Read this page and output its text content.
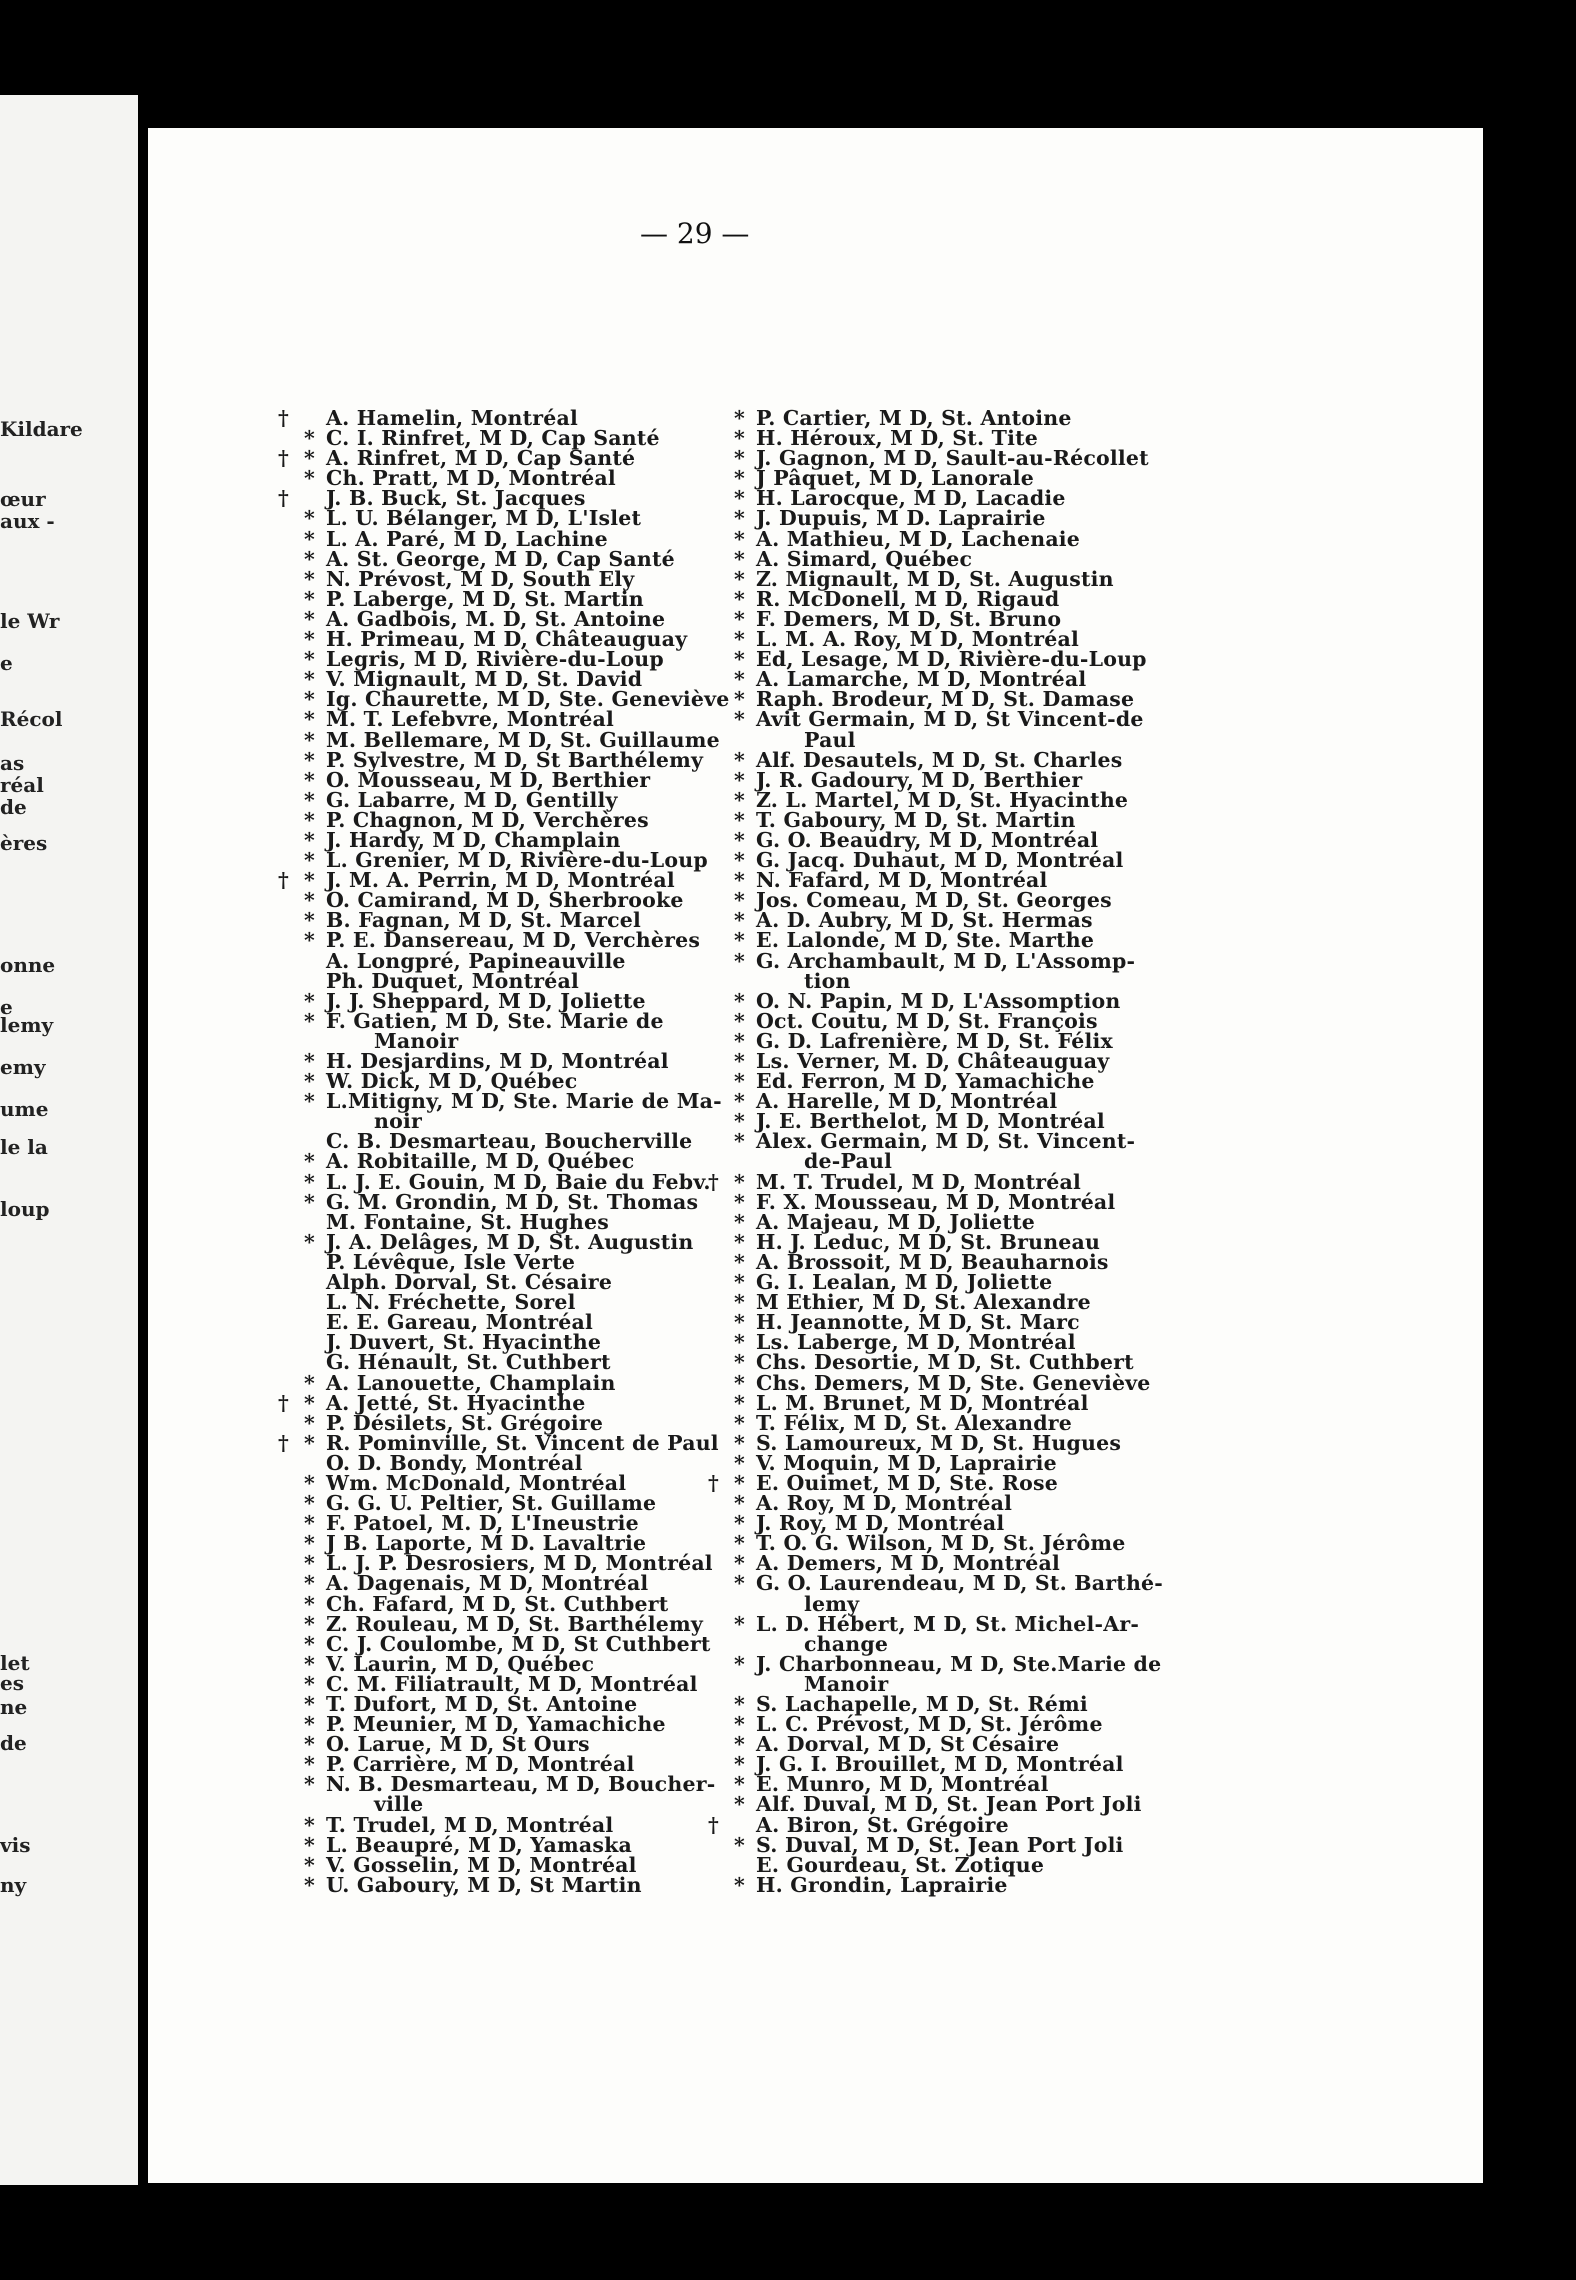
Kildare
œur
aux -
le Wr
e
Récol
as
réal
de
ères
onne
e
lemy
emy
ume
le la
loup
let
es
ne
de
vis
ny
— 29 —
† A. Hamelin, Montréal
* C. I. Rinfret, M D, Cap Santé
† * A. Rinfret, M D, Cap Santé
* Ch. Pratt, M D, Montréal
† J. B. Buck, St. Jacques
* L. U. Bélanger, M D, L'Islet
* L. A. Paré, M D, Lachine
* A. St. George, M D, Cap Santé
* N. Prévost, M D, South Ely
* P. Laberge, M D, St. Martin
* A. Gadbois, M. D, St. Antoine
* H. Primeau, M D, Châteauguay
* Legris, M D, Rivière-du-Loup
* V. Mignault, M D, St. David
* Ig. Chaurette, M D, Ste. Geneviève
* M. T. Lefebvre, Montréal
* M. Bellemare, M D, St. Guillaume
* P. Sylvestre, M D, St Barthélemy
* O. Mousseau, M D, Berthier
* G. Labarre, M D, Gentilly
* P. Chagnon, M D, Verchères
* J. Hardy, M D, Champlain
* L. Grenier, M D, Rivière-du-Loup
† * J. M. A. Perrin, M D, Montréal
* O. Camirand, M D, Sherbrooke
* B. Fagnan, M D, St. Marcel
* P. E. Dansereau, M D, Verchères
A. Longpré, Papineauville
Ph. Duquet, Montréal
* J. J. Sheppard, M D, Joliette
* F. Gatien, M D, Ste. Marie de
Manoir
* H. Desjardins, M D, Montréal
* W. Dick, M D, Québec
* L.Mitigny, M D, Ste. Marie de Ma-
noir
C. B. Desmarteau, Boucherville
* A. Robitaille, M D, Québec
* L. J. E. Gouin, M D, Baie du Febv.
* G. M. Grondin, M D, St. Thomas
M. Fontaine, St. Hughes
* J. A. Delâges, M D, St. Augustin
P. Lévêque, Isle Verte
Alph. Dorval, St. Césaire
L. N. Fréchette, Sorel
E. E. Gareau, Montréal
J. Duvert, St. Hyacinthe
G. Hénault, St. Cuthbert
* A. Lanouette, Champlain
† * A. Jetté, St. Hyacinthe
* P. Désilets, St. Grégoire
† * R. Pominville, St. Vincent de Paul
O. D. Bondy, Montréal
* Wm. McDonald, Montréal
* G. G. U. Peltier, St. Guillame
* F. Patoel, M. D, L'Ineustrie
* J B. Laporte, M D. Lavaltrie
* L. J. P. Desrosiers, M D, Montréal
* A. Dagenais, M D, Montréal
* Ch. Fafard, M D, St. Cuthbert
* Z. Rouleau, M D, St. Barthélemy
* C. J. Coulombe, M D, St Cuthbert
* V. Laurin, M D, Québec
* C. M. Filiatrault, M D, Montréal
* T. Dufort, M D, St. Antoine
* P. Meunier, M D, Yamachiche
* O. Larue, M D, St Ours
* P. Carrière, M D, Montréal
* N. B. Desmarteau, M D, Boucher-
ville
* T. Trudel, M D, Montréal
* L. Beaupré, M D, Yamaska
* V. Gosselin, M D, Montréal
* U. Gaboury, M D, St Martin
* P. Cartier, M D, St. Antoine
* H. Héroux, M D, St. Tite
* J. Gagnon, M D, Sault-au-Récollet
* J Pâquet, M D, Lanorale
* H. Larocque, M D, Lacadie
* J. Dupuis, M D. Laprairie
* A. Mathieu, M D, Lachenaie
* A. Simard, Québec
* Z. Mignault, M D, St. Augustin
* R. McDonell, M D, Rigaud
* F. Demers, M D, St. Bruno
* L. M. A. Roy, M D, Montréal
* Ed, Lesage, M D, Rivière-du-Loup
* A. Lamarche, M D, Montréal
* Raph. Brodeur, M D, St. Damase
* Avit Germain, M D, St Vincent-de
Paul
* Alf. Desautels, M D, St. Charles
* J. R. Gadoury, M D, Berthier
* Z. L. Martel, M D, St. Hyacinthe
* T. Gaboury, M D, St. Martin
* G. O. Beaudry, M D, Montréal
* G. Jacq. Duhaut, M D, Montréal
* N. Fafard, M D, Montréal
* Jos. Comeau, M D, St. Georges
* A. D. Aubry, M D, St. Hermas
* E. Lalonde, M D, Ste. Marthe
* G. Archambault, M D, L'Assomp-
tion
* O. N. Papin, M D, L'Assomption
* Oct. Coutu, M D, St. François
* G. D. Lafrenière, M D, St. Félix
* Ls. Verner, M. D, Châteauguay
* Ed. Ferron, M D, Yamachiche
* A. Harelle, M D, Montréal
* J. E. Berthelot, M D, Montréal
* Alex. Germain, M D, St. Vincent-
de-Paul
† * M. T. Trudel, M D, Montréal
* F. X. Mousseau, M D, Montréal
* A. Majeau, M D, Joliette
* H. J. Leduc, M D, St. Bruneau
* A. Brossoit, M D, Beauharnois
* G. I. Lealan, M D, Joliette
* M Ethier, M D, St. Alexandre
* H. Jeannotte, M D, St. Marc
* Ls. Laberge, M D, Montréal
* Chs. Desortie, M D, St. Cuthbert
* Chs. Demers, M D, Ste. Geneviève
* L. M. Brunet, M D, Montréal
* T. Félix, M D, St. Alexandre
* S. Lamoureux, M D, St. Hugues
* V. Moquin, M D, Laprairie
† * E. Ouimet, M D, Ste. Rose
* A. Roy, M D, Montréal
* J. Roy, M D, Montréal
* T. O. G. Wilson, M D, St. Jérôme
* A. Demers, M D, Montréal
* G. O. Laurendeau, M D, St. Barthé-
lemy
* L. D. Hébert, M D, St. Michel-Ar-
change
* J. Charbonneau, M D, Ste.Marie de
Manoir
* S. Lachapelle, M D, St. Rémi
* L. C. Prévost, M D, St. Jérôme
* A. Dorval, M D, St Césaire
* J. G. I. Brouillet, M D, Montréal
* E. Munro, M D, Montréal
* Alf. Duval, M D, St. Jean Port Joli
† A. Biron, St. Grégoire
* S. Duval, M D, St. Jean Port Joli
E. Gourdeau, St. Zotique
* H. Grondin, Laprairie
